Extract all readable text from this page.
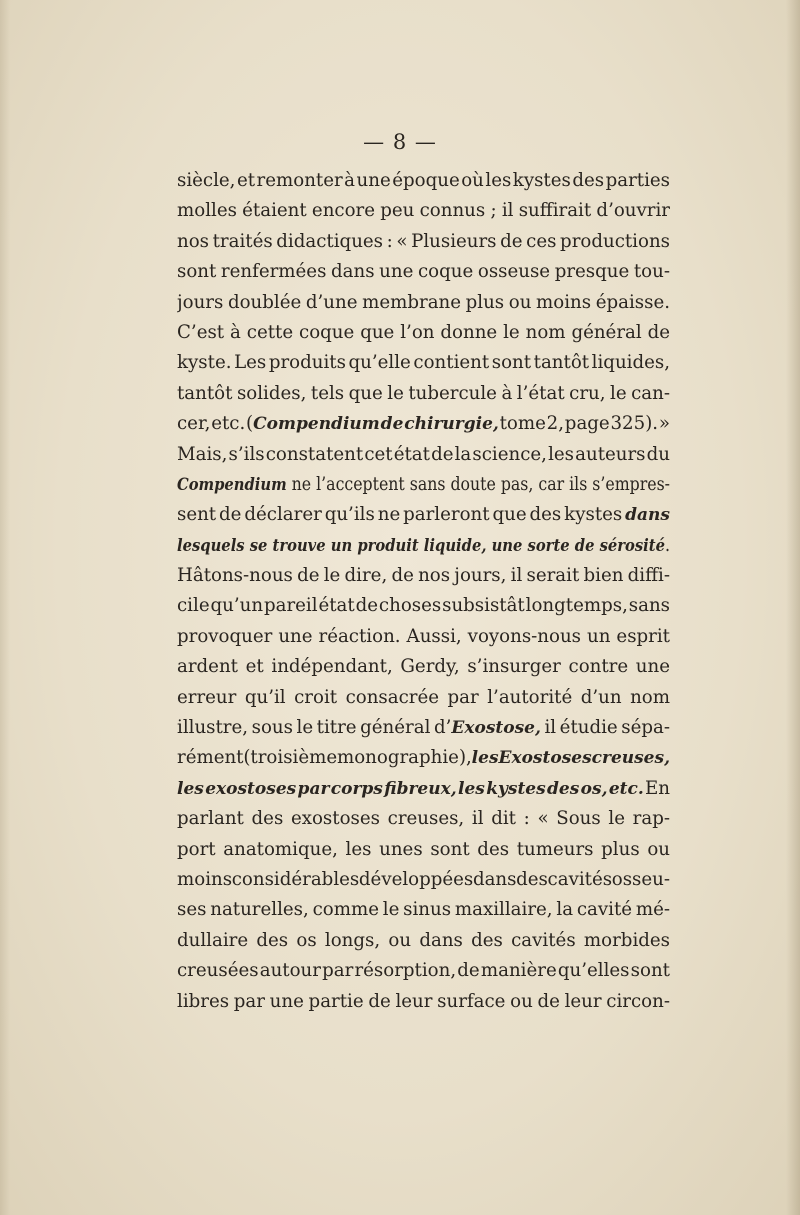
— 8 —
siècle, et remonter à une époque où les kystes des parties
molles étaient encore peu connus ; il suffirait d’ouvrir
nos traités didactiques : « Plusieurs de ces productions
sont renfermées dans une coque osseuse presque tou-
jours doublée d’une membrane plus ou moins épaisse.
C’est à cette coque que l’on donne le nom général de
kyste. Les produits qu’elle contient sont tantôt liquides,
tantôt solides, tels que le tubercule à l’état cru, le can-
cer, etc. (Compendium de chirurgie, tome 2, page 325). »
Mais, s’ils constatent cet état de la science, les auteurs du
Compendium ne l’acceptent sans doute pas, car ils s’empres-
sent de déclarer qu’ils ne parleront que des kystes dans
lesquels se trouve un produit liquide, une sorte de sérosité.
Hâtons-nous de le dire, de nos jours, il serait bien diffi-
cile qu’un pareil état de choses subsistât longtemps, sans
provoquer une réaction. Aussi, voyons-nous un esprit
ardent et indépendant, Gerdy, s’insurger contre une
erreur qu’il croit consacrée par l’autorité d’un nom
illustre, sous le titre général d’Exostose, il étudie sépa-
rément (troisième monographie), les Exostoses creuses,
les exostoses par corps fibreux, les kystes des os, etc. En
parlant des exostoses creuses, il dit : « Sous le rap-
port anatomique, les unes sont des tumeurs plus ou
moins considérables développées dans des cavités osseu-
ses naturelles, comme le sinus maxillaire, la cavité mé-
dullaire des os longs, ou dans des cavités morbides
creusées autour par résorption, de manière qu’elles sont
libres par une partie de leur surface ou de leur circon-
